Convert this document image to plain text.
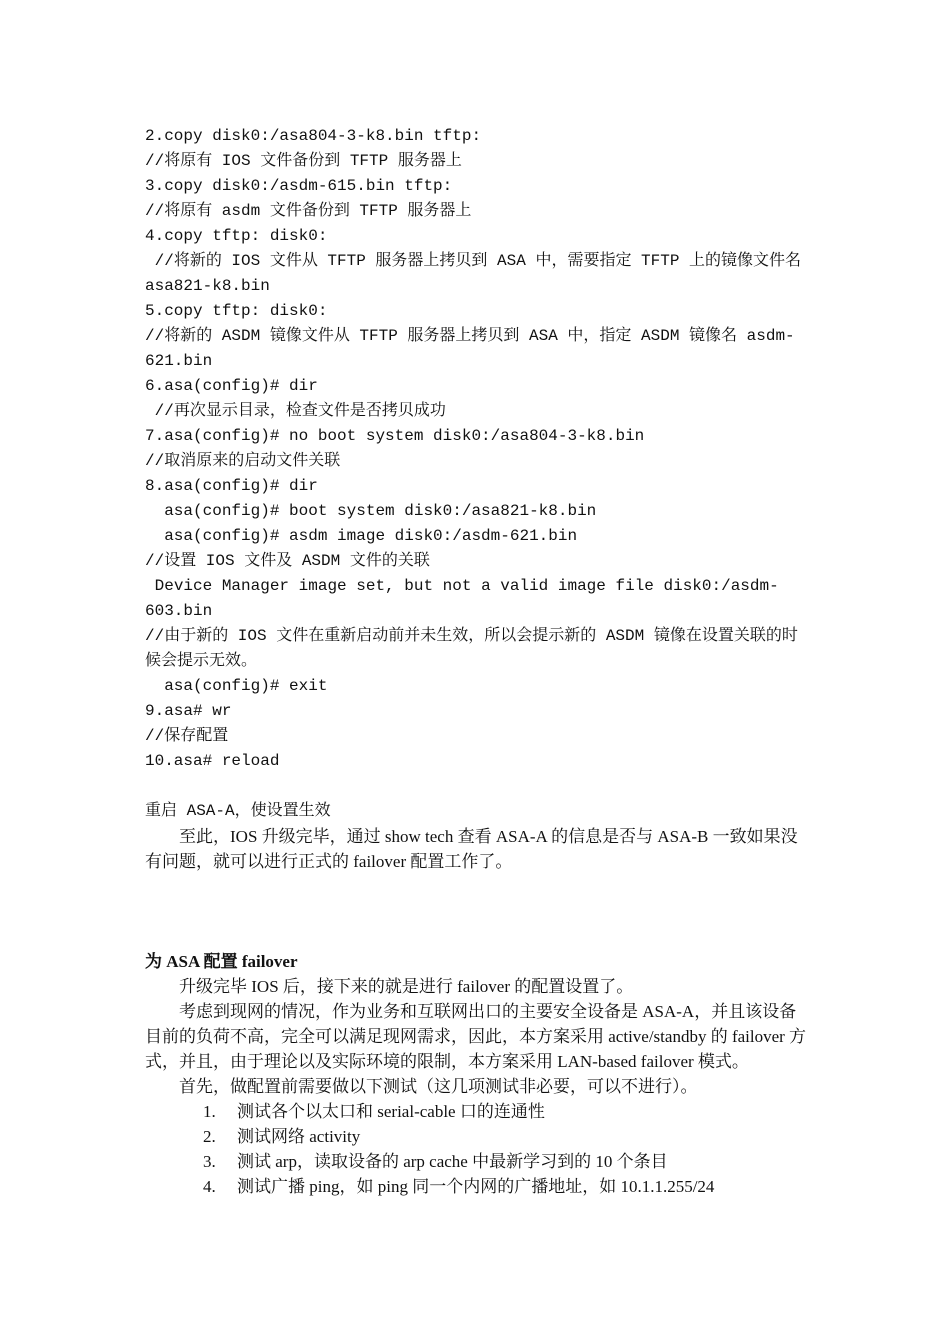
2.copy disk0:/asa804-3-k8.bin tftp:

//将原有 IOS 文件备份到 TFTP 服务器上

3.copy disk0:/asdm-615.bin tftp:

//将原有 asdm 文件备份到 TFTP 服务器上

4.copy tftp: disk0:

//将新的 IOS 文件从 TFTP 服务器上拷贝到 ASA 中，需要指定 TFTP 上的镜像文件名 asa821-k8.bin

5.copy tftp: disk0:

//将新的 ASDM 镜像文件从 TFTP 服务器上拷贝到 ASA 中，指定 ASDM 镜像名 asdm-621.bin

6.asa(config)# dir

//再次显示目录，检查文件是否拷贝成功

7.asa(config)# no boot system disk0:/asa804-3-k8.bin

//取消原来的启动文件关联

8.asa(config)# dir

asa(config)# boot system disk0:/asa821-k8.bin

asa(config)# asdm image disk0:/asdm-621.bin

//设置 IOS 文件及 ASDM 文件的关联

Device Manager image set, but not a valid image file disk0:/asdm-603.bin

//由于新的 IOS 文件在重新启动前并未生效，所以会提示新的 ASDM 镜像在设置关联的时候会提示无效。

asa(config)# exit

9.asa# wr

//保存配置

10.asa# reload

重启 ASA-A，使设置生效

至此，IOS 升级完毕，通过 show tech 查看 ASA-A 的信息是否与 ASA-B 一致如果没有问题，就可以进行正式的 failover 配置工作了。

为 ASA 配置 failover

升级完毕 IOS 后，接下来的就是进行 failover 的配置设置了。

考虑到现网的情况，作为业务和互联网出口的主要安全设备是 ASA-A，并且该设备目前的负荷不高，完全可以满足现网需求，因此，本方案采用 active/standby 的 failover 方式，并且，由于理论以及实际环境的限制，本方案采用 LAN-based failover 模式。

首先，做配置前需要做以下测试（这几项测试非必要，可以不进行）。

1.	测试各个以太口和 serial-cable 口的连通性
2.	测试网络 activity
3.	测试 arp，读取设备的 arp cache 中最新学习到的 10 个条目
4.	测试广播 ping，如 ping 同一个内网的广播地址，如 10.1.1.255/24
